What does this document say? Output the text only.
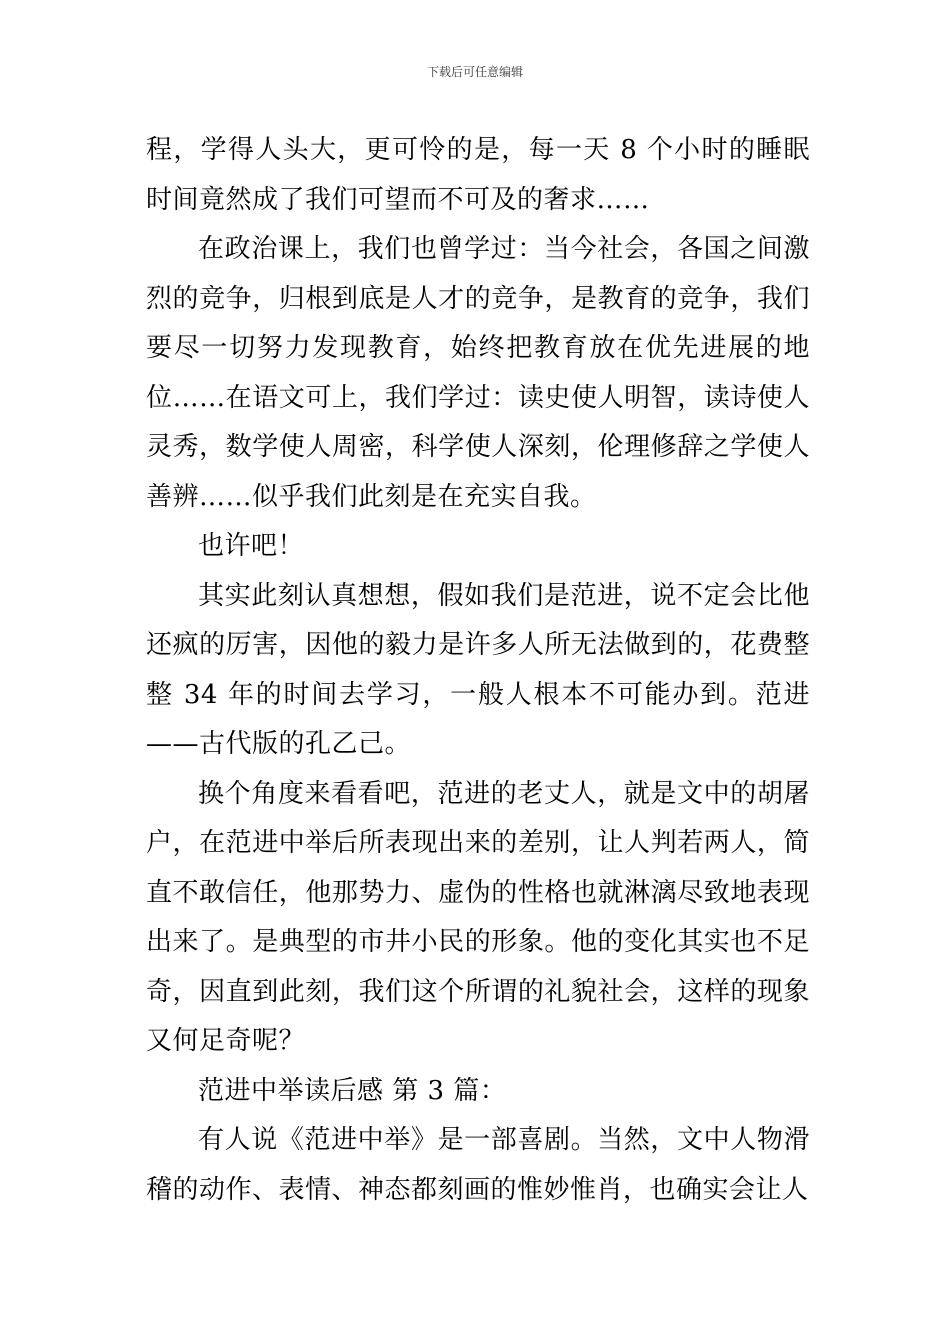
下载后可任意编辑

程，学得人头大，更可怜的是，每一天 8 个小时的睡眠时间竟然成了我们可望而不可及的奢求……

在政治课上，我们也曾学过：当今社会，各国之间激烈的竞争，归根到底是人才的竞争，是教育的竞争，我们要尽一切努力发现教育，始终把教育放在优先进展的地位……在语文可上，我们学过：读史使人明智，读诗使人灵秀，数学使人周密，科学使人深刻，伦理修辞之学使人善辨……似乎我们此刻是在充实自我。

也许吧！

其实此刻认真想想，假如我们是范进，说不定会比他还疯的厉害，因他的毅力是许多人所无法做到的，花费整整 34 年的时间去学习，一般人根本不可能办到。范进——古代版的孔乙己。

换个角度来看看吧，范进的老丈人，就是文中的胡屠户，在范进中举后所表现出来的差别，让人判若两人，简直不敢信任，他那势力、虚伪的性格也就淋漓尽致地表现出来了。是典型的市井小民的形象。他的变化其实也不足奇，因直到此刻，我们这个所谓的礼貌社会，这样的现象又何足奇呢？

范进中举读后感 第 3 篇：

有人说《范进中举》是一部喜剧。当然，文中人物滑稽的动作、表情、神态都刻画的惟妙惟肖，也确实会让人
